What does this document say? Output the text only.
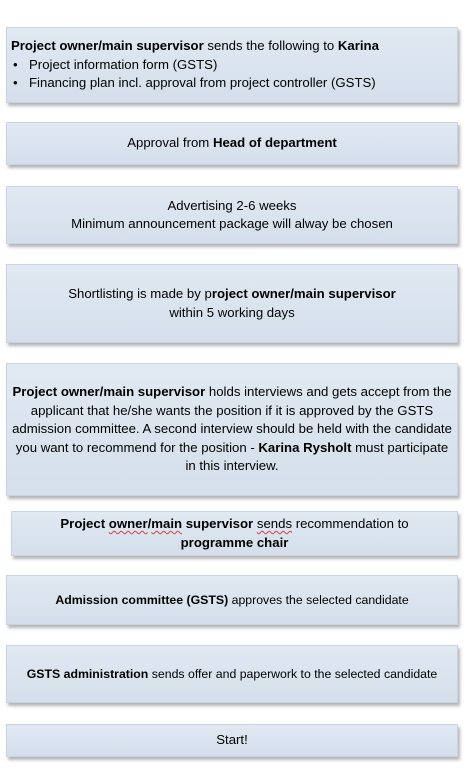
Project owner/main supervisor sends the following to Karina
• Project information form (GSTS)
• Financing plan incl. approval from project controller (GSTS)
Approval from Head of department
Advertising 2-6 weeks
Minimum announcement package will alway be chosen
Shortlisting is made by project owner/main supervisor
within 5 working days
Project owner/main supervisor holds interviews and gets accept from the applicant that he/she wants the position if it is approved by the GSTS admission committee. A second interview should be held with the candidate you want to recommend for the position - Karina Rysholt must participate in this interview.
Project owner/main supervisor sends recommendation to
programme chair
Admission committee (GSTS) approves the selected candidate
GSTS administration sends offer and paperwork to the selected candidate
Start!
